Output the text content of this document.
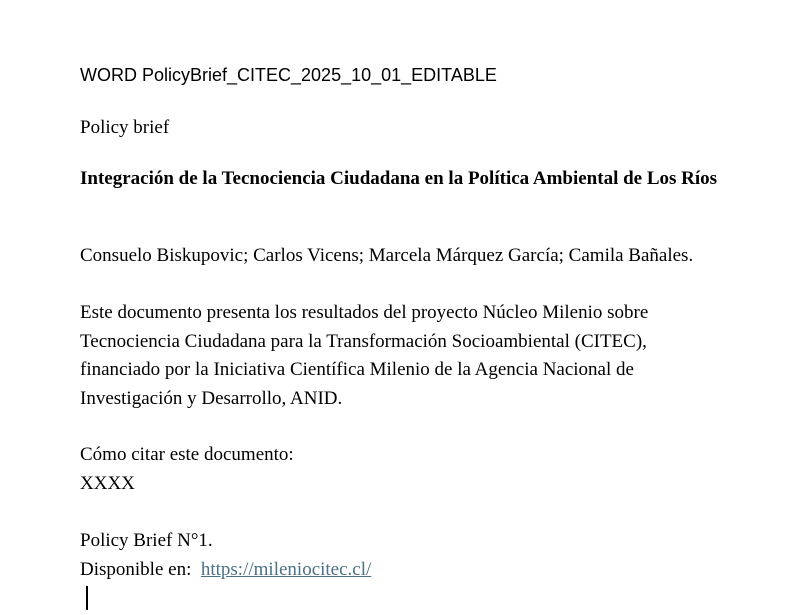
WORD PolicyBrief_CITEC_2025_10_01_EDITABLE
Policy brief
Integración de la Tecnociencia Ciudadana en la Política Ambiental de Los Ríos
Consuelo Biskupovic; Carlos Vicens; Marcela Márquez García; Camila Bañales.
Este documento presenta los resultados del proyecto Núcleo Milenio sobre
Tecnociencia Ciudadana para la Transformación Socioambiental (CITEC),
financiado por la Iniciativa Científica Milenio de la Agencia Nacional de
Investigación y Desarrollo, ANID.
Cómo citar este documento:
XXXX
Policy Brief N°1.
Disponible en: https://mileniocitec.cl/
